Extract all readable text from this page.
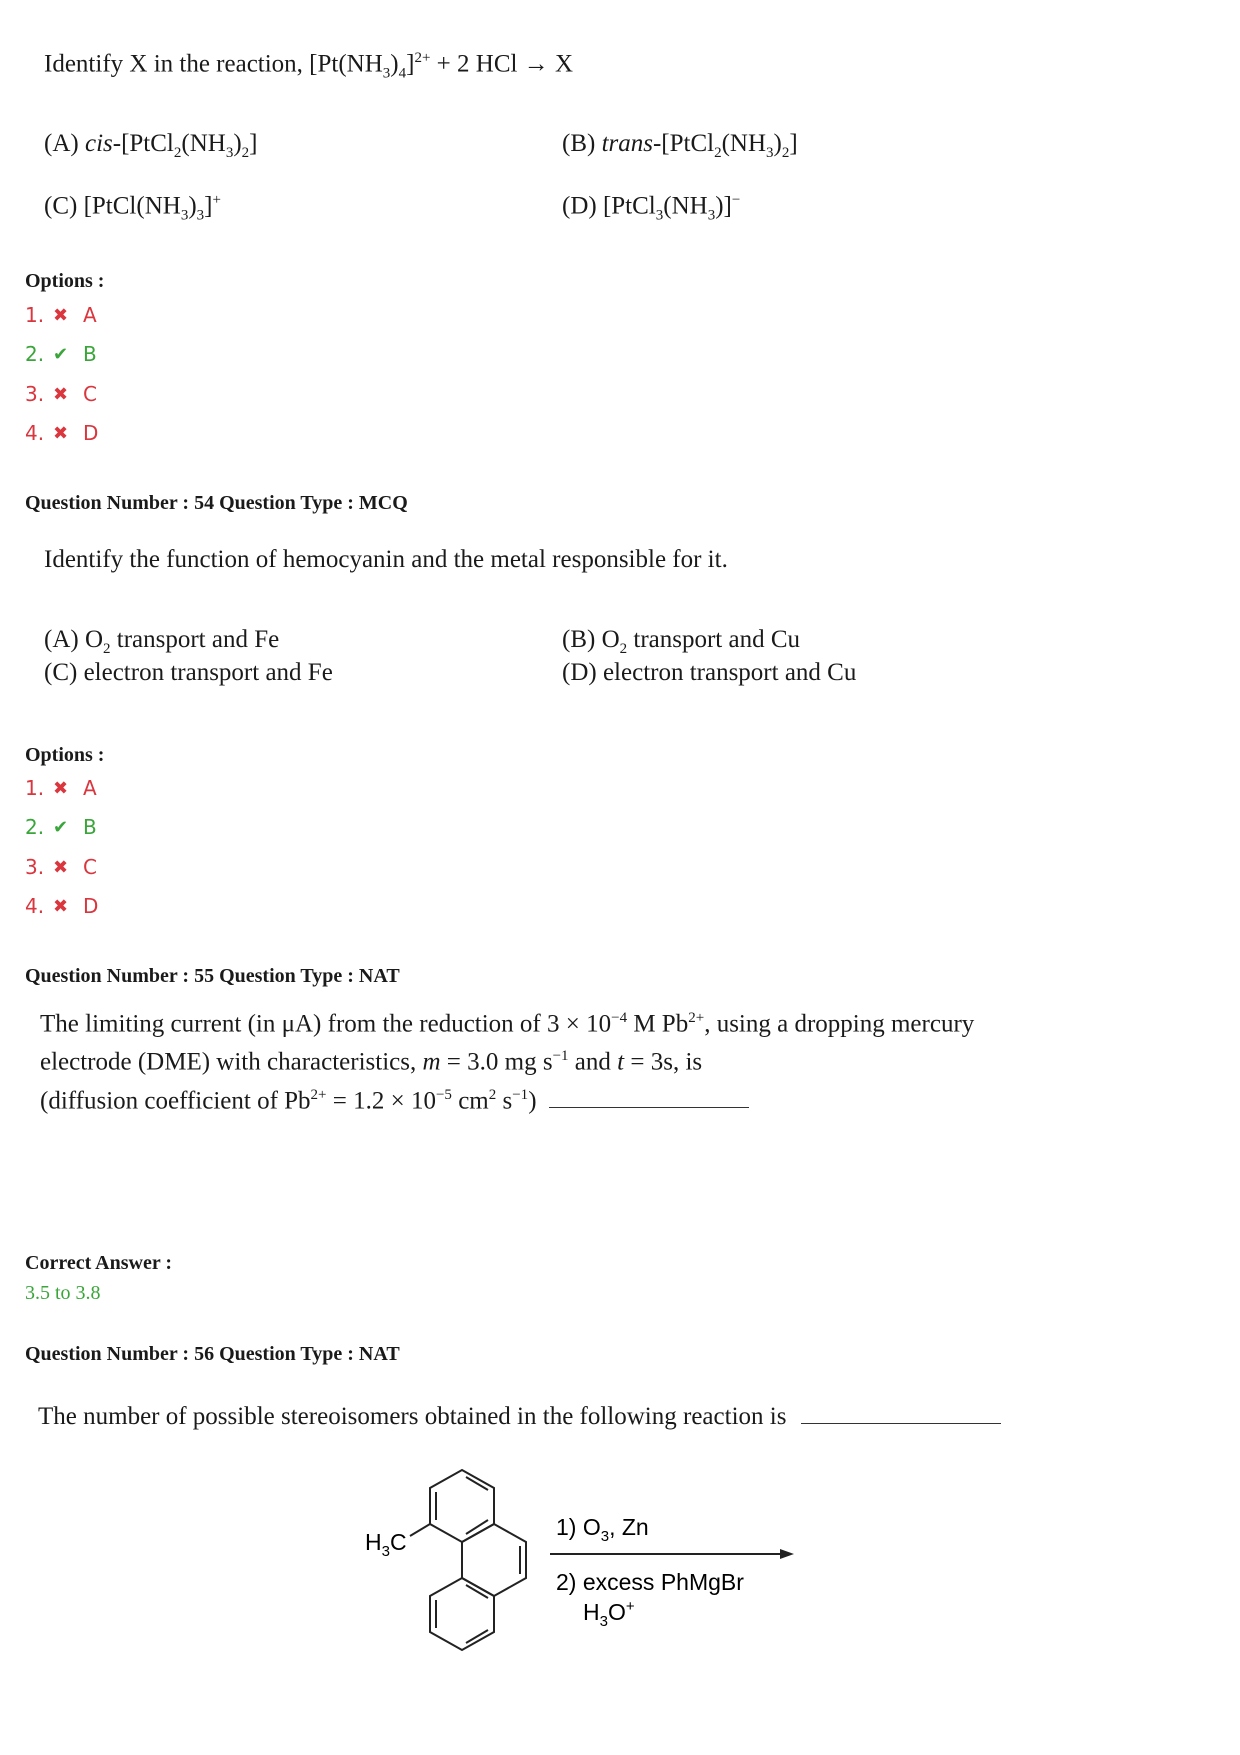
Identify X in the reaction, $[Pt(NH_3)_4]^{2+} + 2$ HCl → X
(A) cis-$[PtCl_2(NH_3)_2]$	(B) trans-$[PtCl_2(NH_3)_2]$
(C) $[PtCl(NH_3)_3]^+$	(D) $[PtCl_3(NH_3)]^-$
Options :
1. ✖ A
2. ✔ B
3. ✖ C
4. ✖ D
Question Number : 54 Question Type : MCQ
Identify the function of hemocyanin and the metal responsible for it.
(A) $O_2$ transport and Fe	(B) $O_2$ transport and Cu
(C) electron transport and Fe	(D) electron transport and Cu
Options :
1. ✖ A
2. ✔ B
3. ✖ C
4. ✖ D
Question Number : 55 Question Type : NAT
The limiting current (in μA) from the reduction of $3 \times 10^{-4}$ M $Pb^{2+}$, using a dropping mercury
electrode (DME) with characteristics, m = 3.0 mg $s^{-1}$ and t = 3s, is
(diffusion coefficient of $Pb^{2+} = 1.2 \times 10^{-5}$ $cm^2$ $s^{-1}$)
Correct Answer :
3.5 to 3.8
Question Number : 56 Question Type : NAT
The number of possible stereoisomers obtained in the following reaction is
$H_3C$
1) $O_3$, Zn
2) excess PhMgBr
$H_3O^+$
